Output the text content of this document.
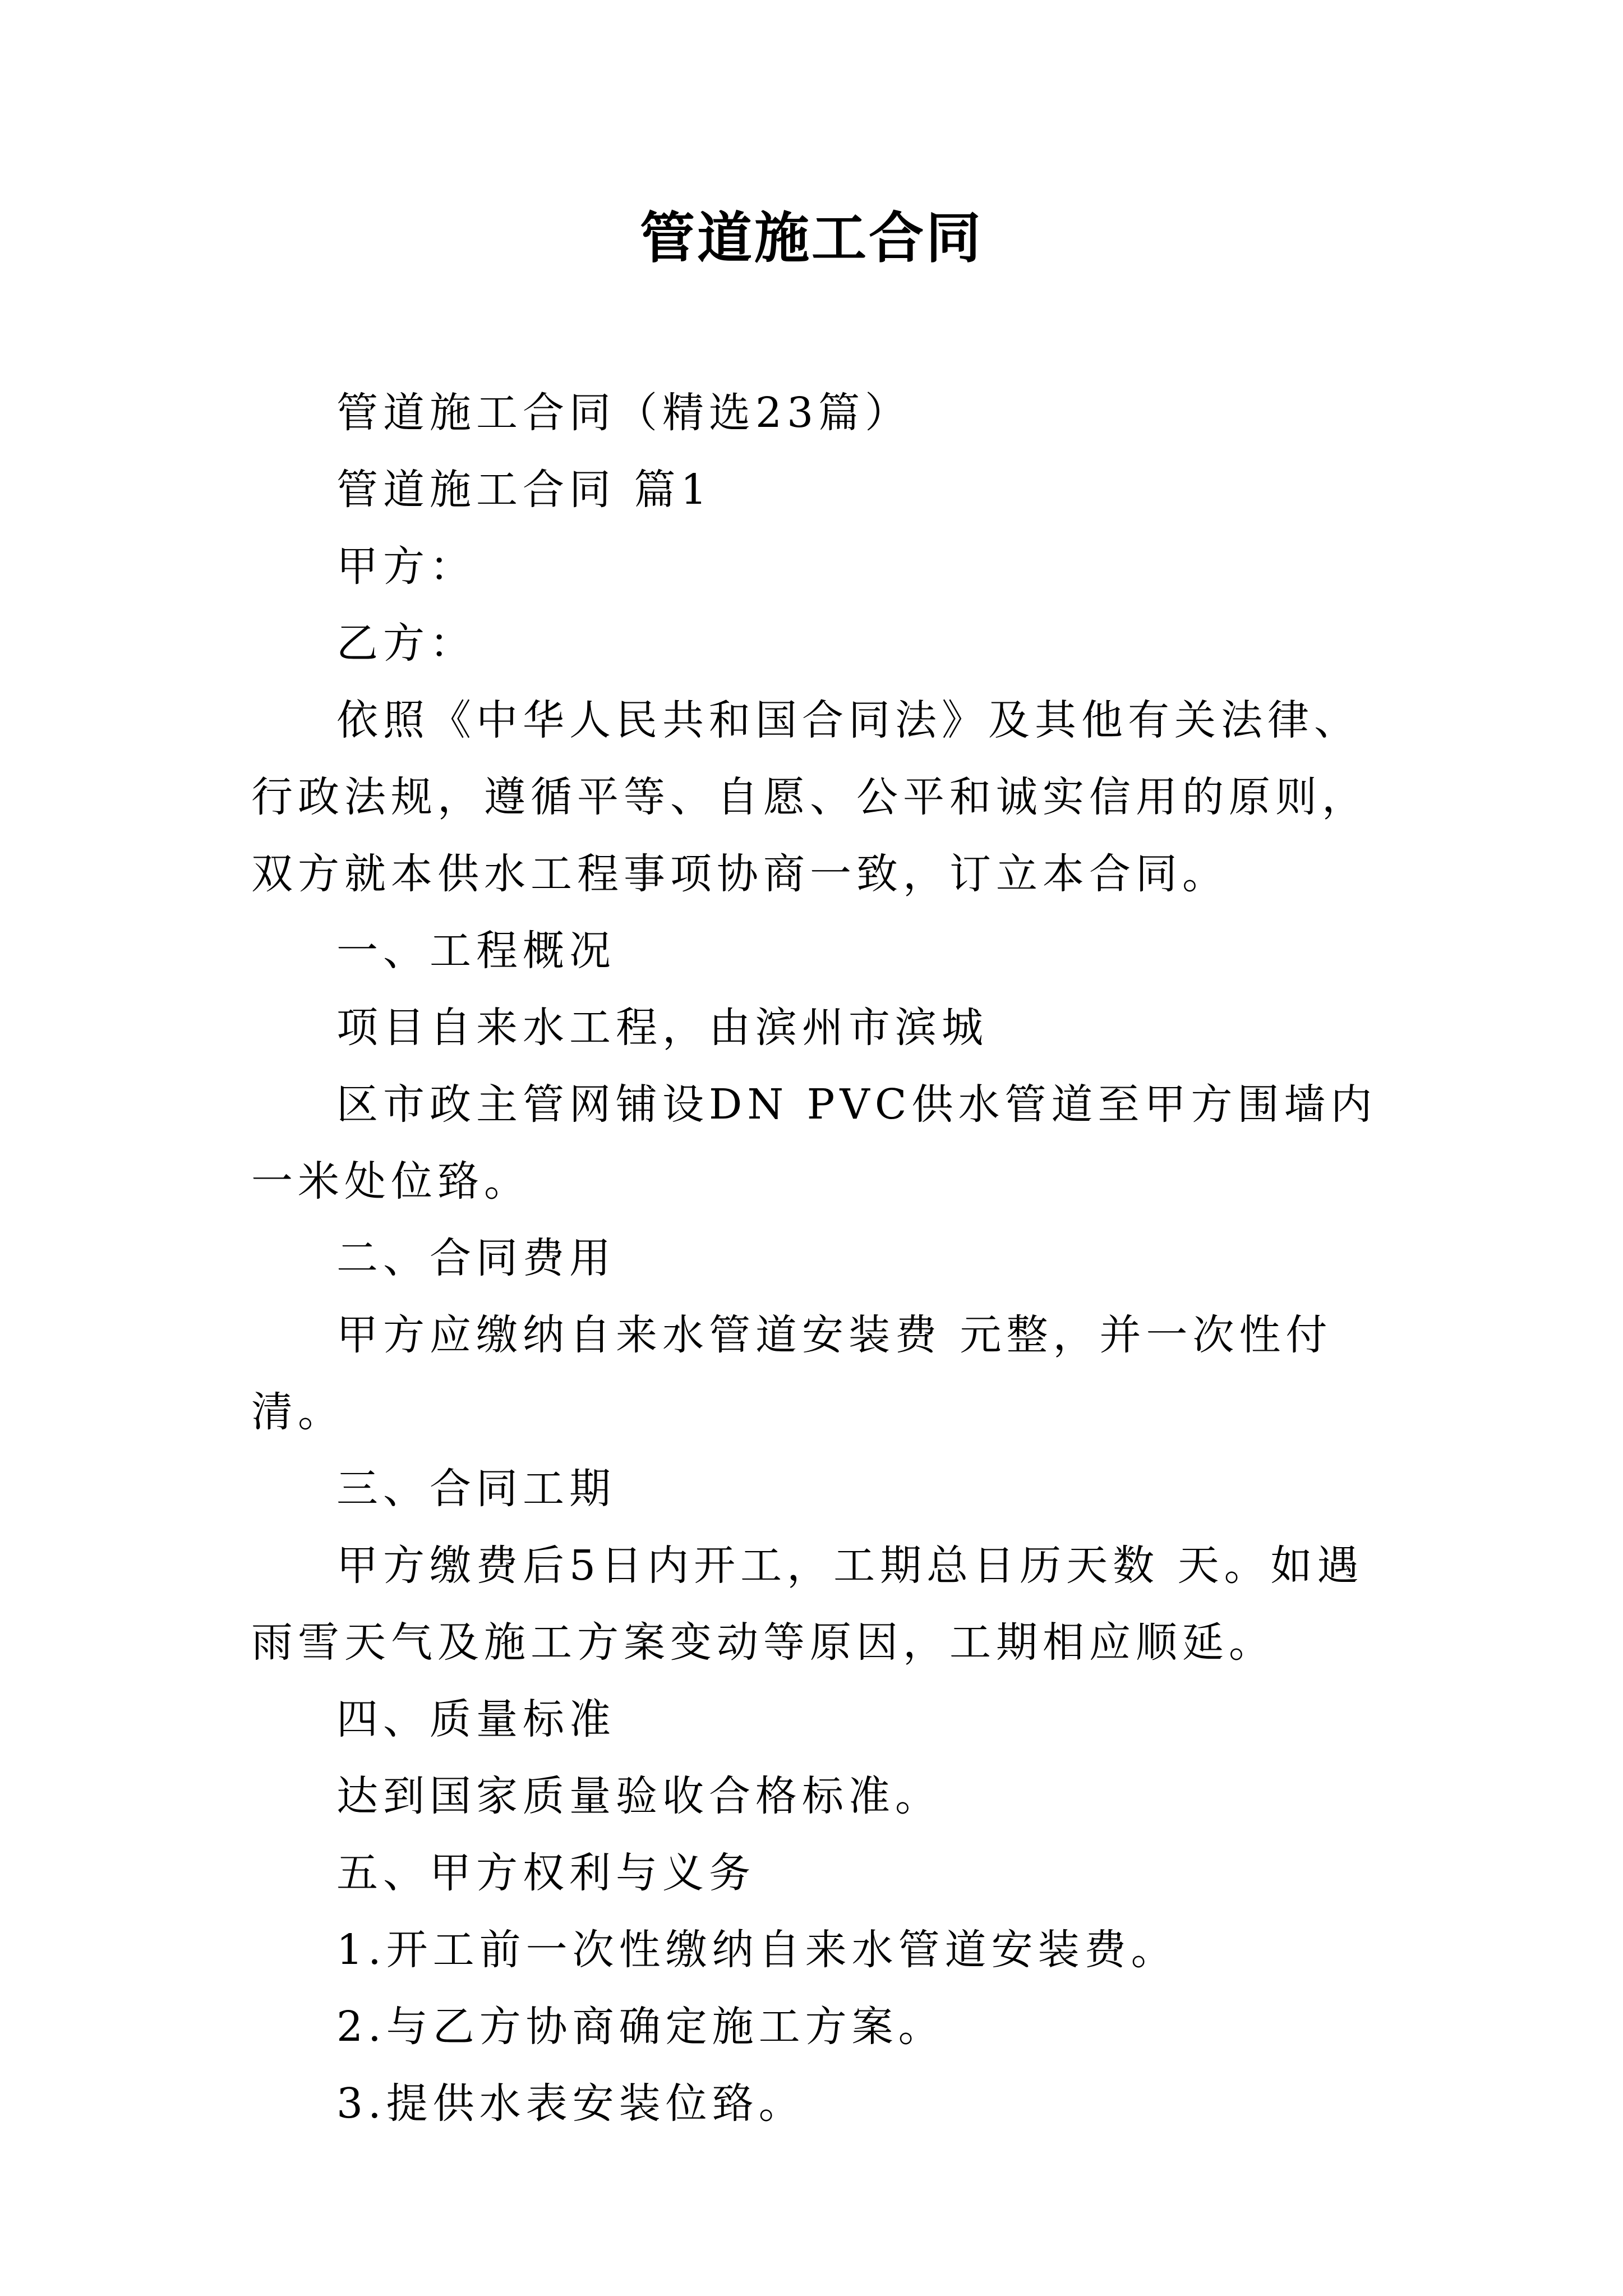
管道施工合同

管道施工合同（精选23篇）

管道施工合同 篇1

甲方：

乙方：

依照《中华人民共和国合同法》及其他有关法律、行政法规，遵循平等、自愿、公平和诚实信用的原则，双方就本供水工程事项协商一致，订立本合同。

一、工程概况

项目自来水工程，由滨州市滨城

区市政主管网铺设DN PVC供水管道至甲方围墙内一米处位臵。

二、合同费用

甲方应缴纳自来水管道安装费 元整，并一次性付清。

三、合同工期

甲方缴费后5日内开工，工期总日历天数 天。如遇雨雪天气及施工方案变动等原因，工期相应顺延。

四、质量标准

达到国家质量验收合格标准。

五、甲方权利与义务

1.开工前一次性缴纳自来水管道安装费。

2.与乙方协商确定施工方案。

3.提供水表安装位臵。
